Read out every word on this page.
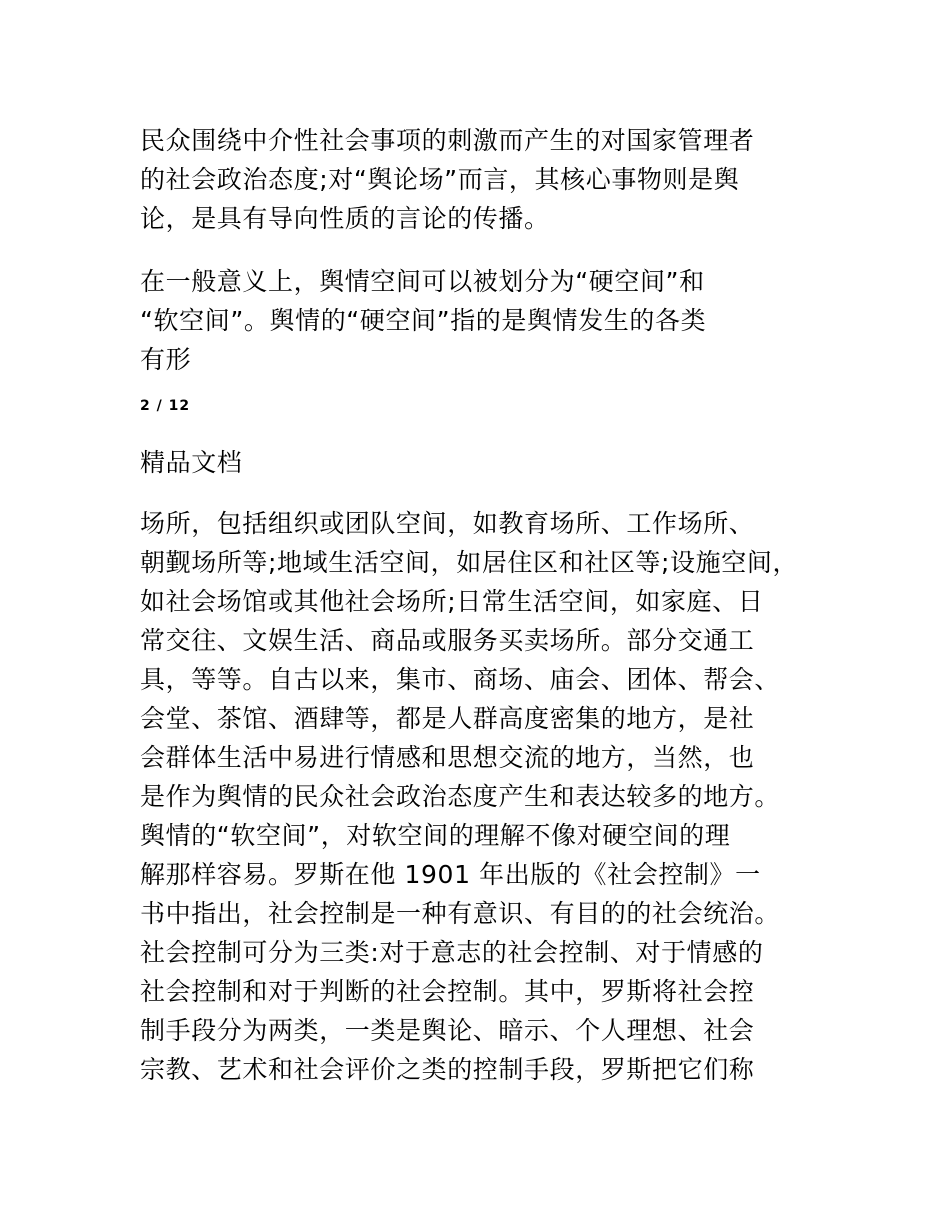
民众围绕中介性社会事项的刺激而产生的对国家管理者
的社会政治态度;对“舆论场”而言，其核心事物则是舆
论，是具有导向性质的言论的传播。

在一般意义上，舆情空间可以被划分为“硬空间”和
“软空间”。舆情的“硬空间”指的是舆情发生的各类
有形

2 / 12
精品文档

场所，包括组织或团队空间，如教育场所、工作场所、
朝觐场所等;地域生活空间，如居住区和社区等;设施空间，
如社会场馆或其他社会场所;日常生活空间，如家庭、日
常交往、文娱生活、商品或服务买卖场所。部分交通工
具，等等。自古以来，集市、商场、庙会、团体、帮会、
会堂、茶馆、酒肆等，都是人群高度密集的地方，是社
会群体生活中易进行情感和思想交流的地方，当然，也
是作为舆情的民众社会政治态度产生和表达较多的地方。
舆情的“软空间”，对软空间的理解不像对硬空间的理
解那样容易。罗斯在他 1901 年出版的《社会控制》一
书中指出，社会控制是一种有意识、有目的的社会统治。
社会控制可分为三类:对于意志的社会控制、对于情感的
社会控制和对于判断的社会控制。其中，罗斯将社会控
制手段分为两类，一类是舆论、暗示、个人理想、社会
宗教、艺术和社会评价之类的控制手段，罗斯把它们称
